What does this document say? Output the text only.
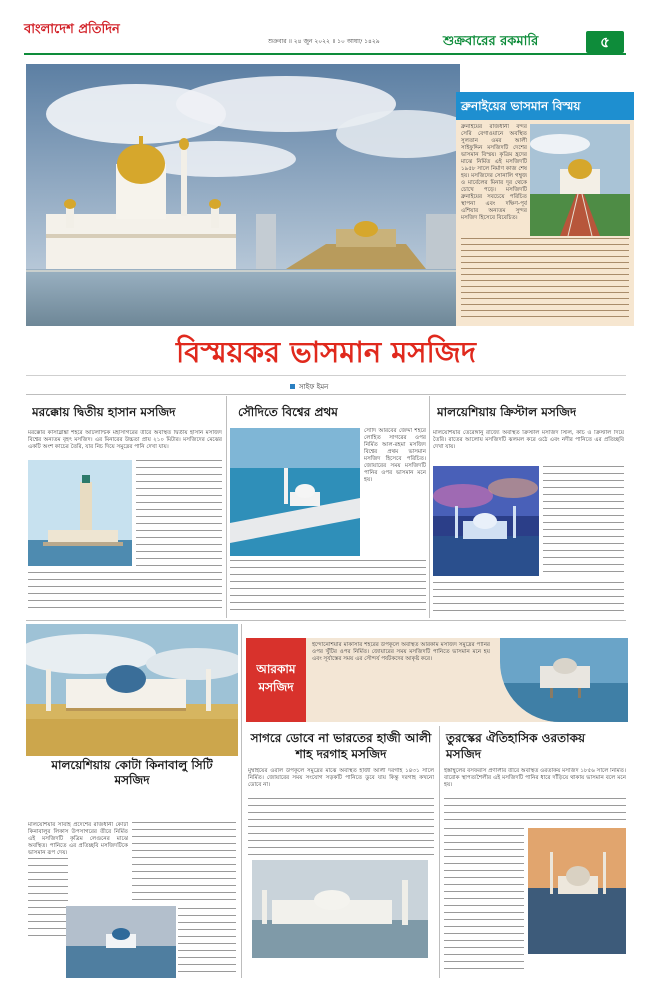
বাংলাদেশ প্রতিদিন
শুক্রবার ॥ ২৪ জুন ২০২২ ॥ ১০ আষাঢ় ১৪২৯	শুক্রবারের রকমারি	৫
ব্রুনাইয়ের ভাসমান বিস্ময়
ব্রুনাইয়ের রাজধানী বন্দর সেরি বেগাওয়ানে অবস্থিত সুলতান ওমর আলী সাইফুদ্দিন মসজিদটি দেশের ভাসমান বিস্ময়। কৃত্রিম হ্রদের মাঝে নির্মিত এই মসজিদটি ১৯৫৮ সালে নির্মাণ কাজ শেষ হয়। মসজিদের সোনালি গম্বুজ ও মার্বেলের মিনার দূর থেকে চোখে পড়ে। মসজিদটি ব্রুনাইয়ের সবচেয়ে পরিচিত স্থাপনা এবং দক্ষিণ-পূর্ব এশিয়ার অন্যতম সুন্দর মসজিদ হিসেবে বিবেচিত।
বিস্ময়কর ভাসমান মসজিদ
সাইফ ইমন
মরক্কোয় দ্বিতীয় হাসান মসজিদ
মরক্কোর কাসাব্লাঙ্কা শহরে আটলান্টিক মহাসাগরের তীরে অবস্থিত দ্বিতীয় হাসান মসজিদ বিশ্বের অন্যতম বৃহৎ মসজিদ। এর মিনারের উচ্চতা প্রায় ২১০ মিটার। মসজিদের মেঝের একটি অংশ কাচের তৈরি, যার নিচ দিয়ে সমুদ্রের পানি দেখা যায়।
সৌদিতে বিশ্বের প্রথম
সৌদি আরবের জেদ্দা শহরে লোহিত সাগরের ওপর নির্মিত আল-রহমা মসজিদ বিশ্বের প্রথম ভাসমান মসজিদ হিসেবে পরিচিত। জোয়ারের সময় মসজিদটি পানির ওপর ভাসমান মনে হয়।
মালয়েশিয়ায় ক্রিস্টাল মসজিদ
মালয়েশিয়ার তেরেঙ্গানু রাজ্যে অবস্থিত ক্রিস্টাল মসজিদ স্টিল, কাচ ও ক্রিস্টাল দিয়ে তৈরি। রাতের আলোয় মসজিদটি ঝলমল করে ওঠে এবং নদীর পানিতে এর প্রতিচ্ছবি দেখা যায়।
মালয়েশিয়ায় কোটা কিনাবালু সিটি মসজিদ
মালয়েশিয়ার সাবাহ প্রদেশের রাজধানী কোটা কিনাবালুর লিকাস উপসাগরের তীরে নির্মিত এই মসজিদটি কৃত্রিম লেগুনের মাঝে অবস্থিত। পানিতে এর প্রতিচ্ছবি মসজিদটিকে ভাসমান রূপ দেয়।
আরকাম মসজিদ
ইন্দোনেশিয়ার মাকাসার শহরের উপকূলে অবস্থিত আরকাম মসজিদ সমুদ্রের পানির ওপর খুঁটির ওপর নির্মিত। জোয়ারের সময় মসজিদটি পানিতে ভাসমান মনে হয় এবং সূর্যাস্তের সময় এর সৌন্দর্য পর্যটকদের আকৃষ্ট করে।
সাগরে ডোবে না ভারতের হাজী আলী শাহ দরগাহ মসজিদ
মুম্বাইয়ের ওরলি উপকূলে সমুদ্রের মাঝে অবস্থিত হাজী আলী দরগাহ ১৪৩১ সালে নির্মিত। জোয়ারের সময় সংযোগ সড়কটি পানিতে ডুবে যায় কিন্তু দরগাহ কখনো ডোবে না।
তুরস্কের ঐতিহাসিক ওরতাকয় মসজিদ
ইস্তাম্বুলের বসফরাস প্রণালীর তীরে অবস্থিত ওরতাকয় মসজিদ ১৮৫৬ সালে নির্মিত। বারোক স্থাপত্যশৈলীর এই মসজিদটি পানির ধারে দাঁড়িয়ে থাকায় ভাসমান বলে মনে হয়।
